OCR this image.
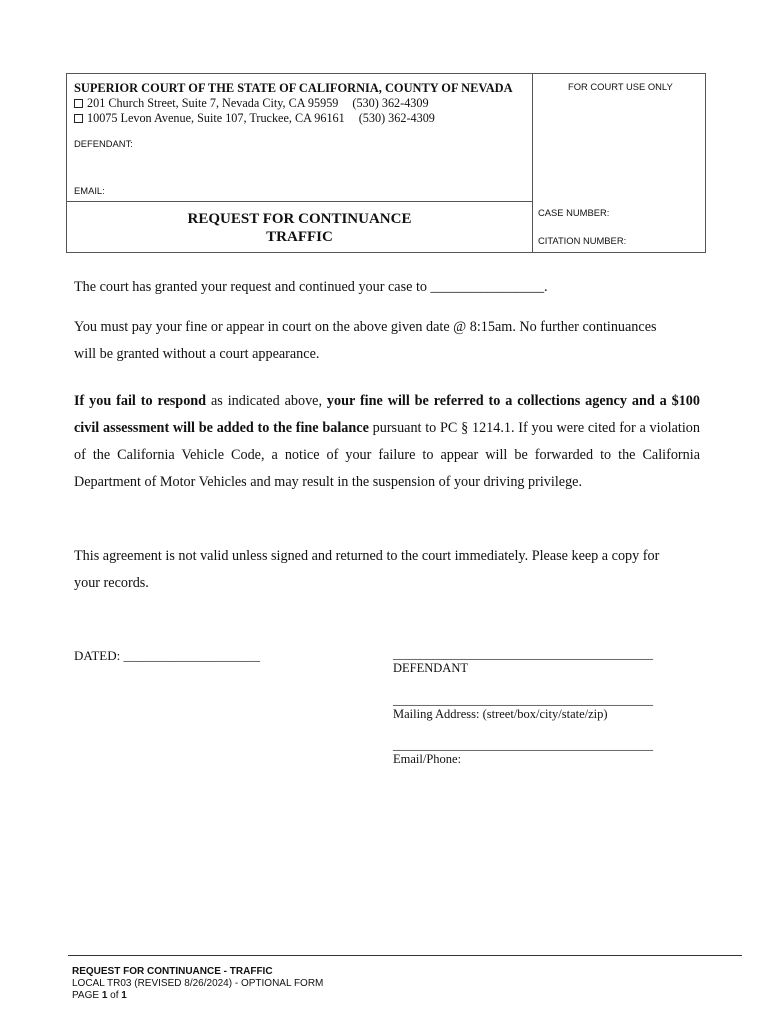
SUPERIOR COURT OF THE STATE OF CALIFORNIA, COUNTY OF NEVADA
201 Church Street, Suite 7, Nevada City, CA 95959 (530) 362-4309
10075 Levon Avenue, Suite 107, Truckee, CA 96161 (530) 362-4309
DEFENDANT:
EMAIL:
FOR COURT USE ONLY
REQUEST FOR CONTINUANCE
TRAFFIC
CASE NUMBER:
CITATION NUMBER:
The court has granted your request and continued your case to ________________.
You must pay your fine or appear in court on the above given date @ 8:15am. No further continuances
will be granted without a court appearance.
If you fail to respond as indicated above, your fine will be referred to a collections agency and a $100 civil assessment will be added to the fine balance pursuant to PC § 1214.1. If you were cited for a violation of the California Vehicle Code, a notice of your failure to appear will be forwarded to the California Department of Motor Vehicles and may result in the suspension of your driving privilege.
This agreement is not valid unless signed and returned to the court immediately. Please keep a copy for
your records.
DATED: _____________________	________________________________________
DEFENDANT
________________________________________
Mailing Address: (street/box/city/state/zip)
________________________________________
Email/Phone:
REQUEST FOR CONTINUANCE - TRAFFIC
LOCAL TR03 (REVISED 8/26/2024) - OPTIONAL FORM
PAGE 1 of 1
